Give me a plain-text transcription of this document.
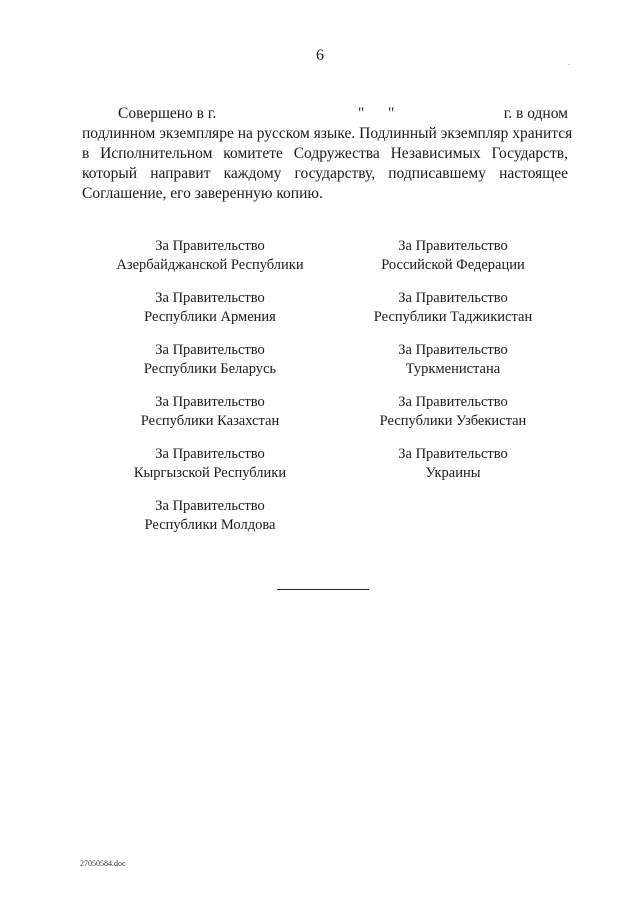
6	.
Совершено в г.	" "	г. в одном
подлинном экземпляре на русском языке. Подлинный экземпляр хранится
в Исполнительном комитете Содружества Независимых Государств,
который направит каждому государству, подписавшему настоящее
Соглашение, его заверенную копию.
За Правительство
Азербайджанской Республики
За Правительство
Республики Армения
За Правительство
Республики Беларусь
За Правительство
Республики Казахстан
За Правительство
Кыргызской Республики
За Правительство
Республики Молдова
За Правительство
Российской Федерации
За Правительство
Республики Таджикистан
За Правительство
Туркменистана
За Правительство
Республики Узбекистан
За Правительство
Украины
27050584.doc
